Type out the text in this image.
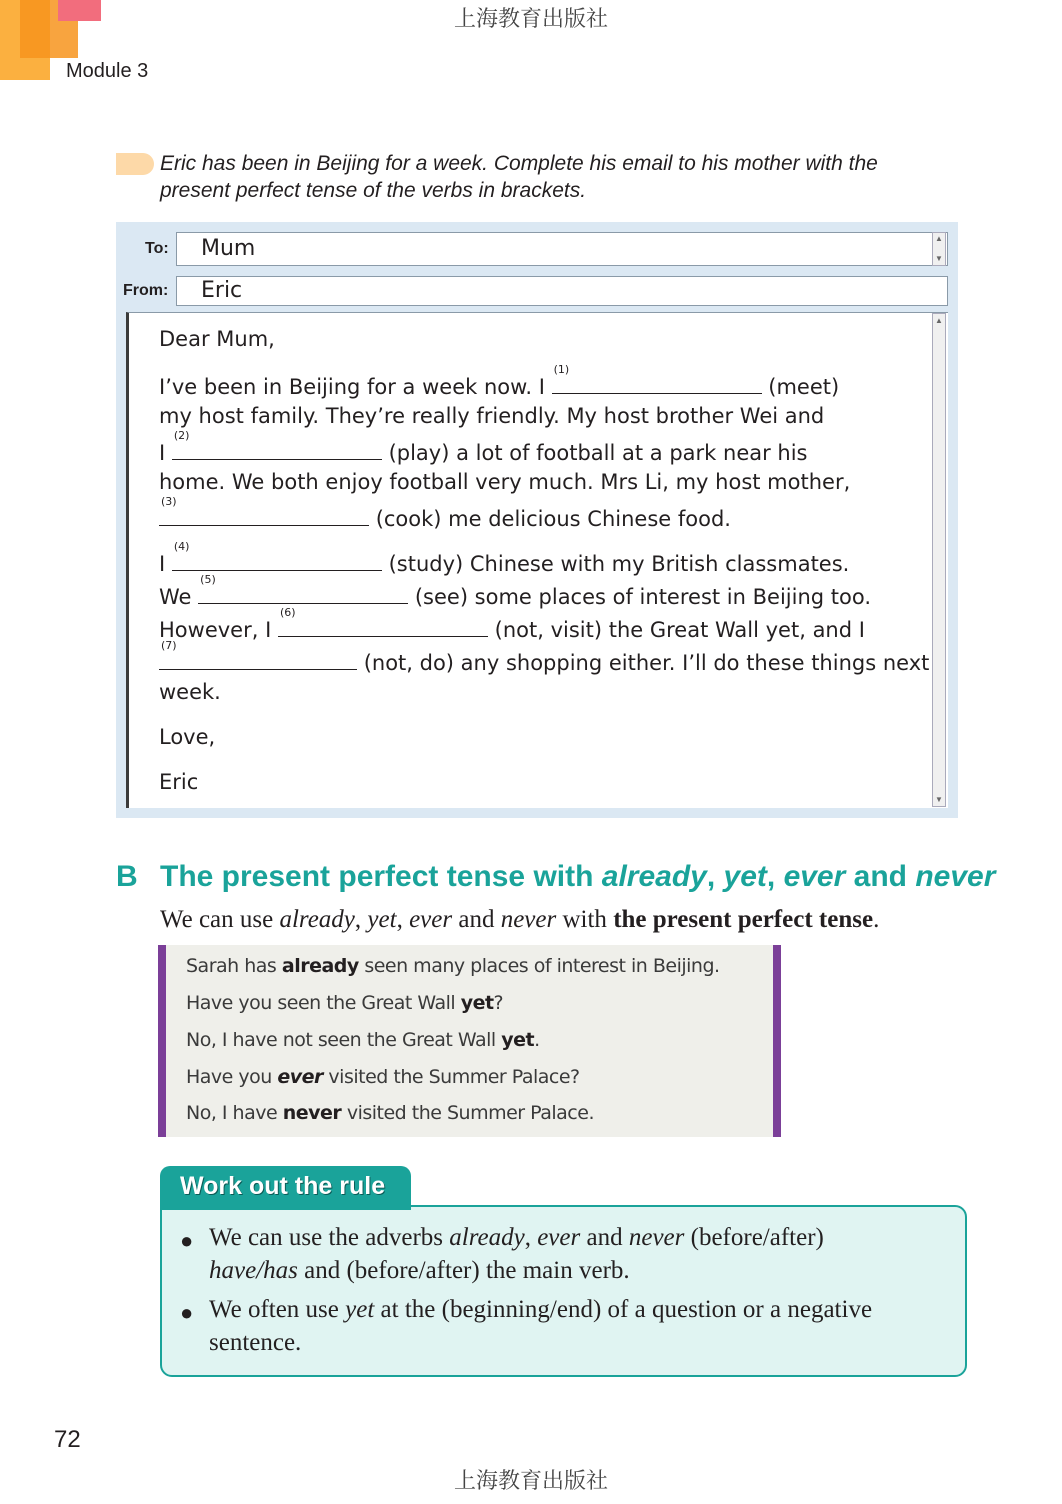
Module 3
上海教育出版社
Eric has been in Beijing for a week. Complete his email to his mother with the
present perfect tense of the verbs in brackets.
To:	Mum	▲
▼
From:	Eric
▲
▼
Dear Mum,
I’ve been in Beijing for a week now. I
(1)
(meet)
my host family. They’re really friendly. My host brother Wei and
I
(2)
(play) a lot of football at a park near his
home. We both enjoy football very much. Mrs Li, my host mother,
(3)
(cook) me delicious Chinese food.
I
(4)
(study) Chinese with my British classmates.
We
(5)
(see) some places of interest in Beijing too.
However, I
(6)
(not, visit) the Great Wall yet, and I
(7)
(not, do) any shopping either. I’ll do these things next
week.
Love,
Eric
B The present perfect tense with already, yet, ever and never
We can use already, yet, ever and never with the present perfect tense.
Sarah has already seen many places of interest in Beijing.
Have you seen the Great Wall yet?
No, I have not seen the Great Wall yet.
Have you ever visited the Summer Palace?
No, I have never visited the Summer Palace.
Work out the rule
● We can use the adverbs already, ever and never (before/after)
have/has and (before/after) the main verb.
● We often use yet at the (beginning/end) of a question or a negative
sentence.
72
上海教育出版社
